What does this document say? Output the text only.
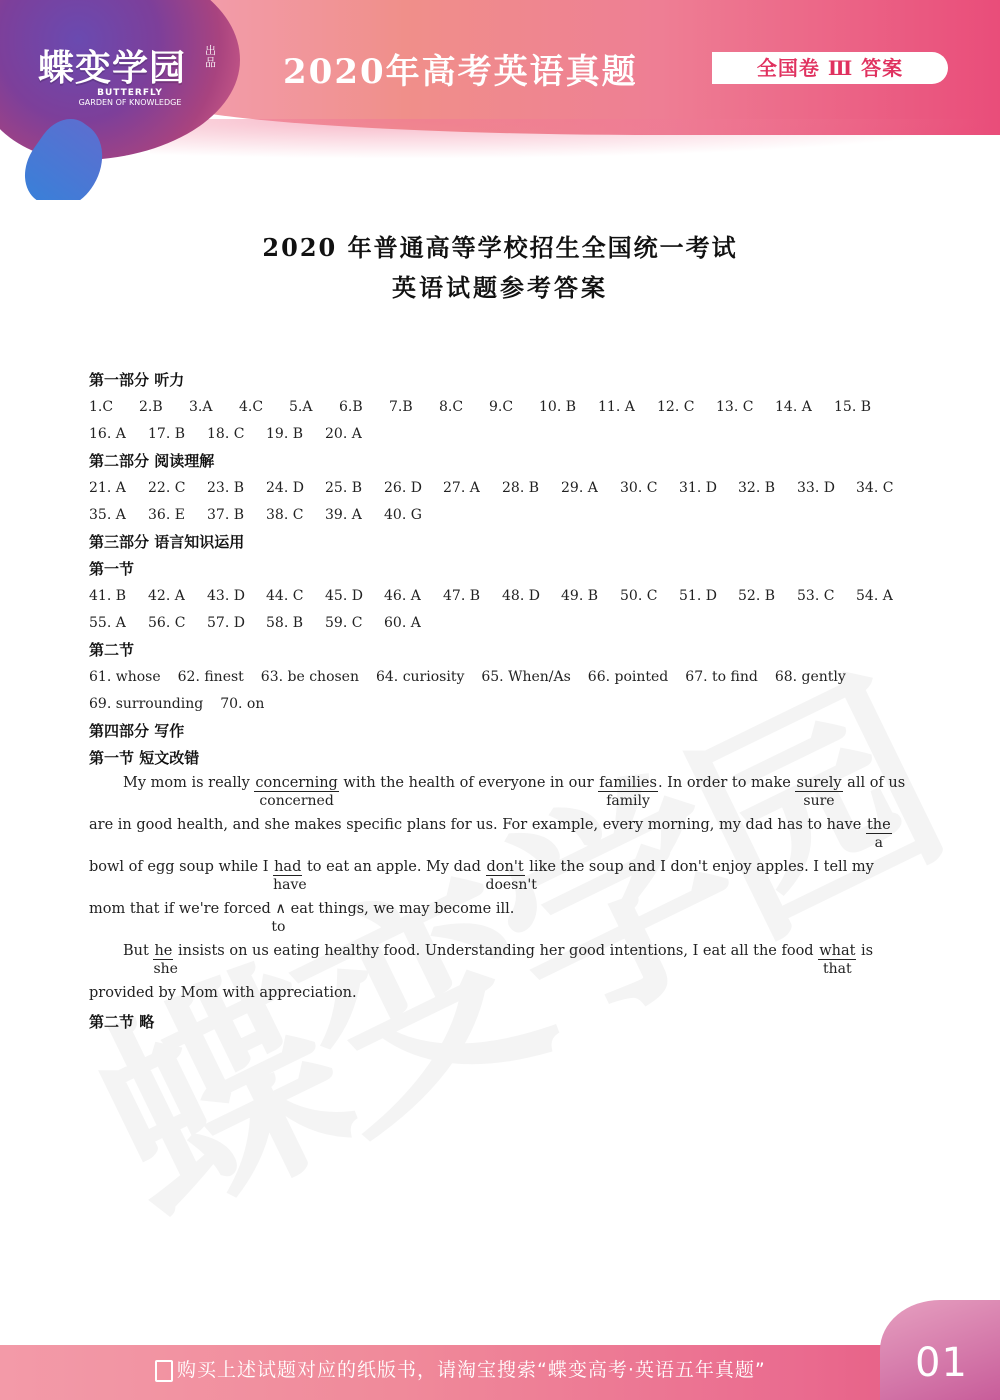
蝶变学园 出品
BUTTERFLY
GARDEN OF KNOWLEDGE
2020年高考英语真题	全国卷 Ⅲ 答案
2020 年普通高等学校招生全国统一考试
英语试题参考答案
第一部分 听力
1.C	2.B	3.A	4.C	5.A	6.B	7.B	8.C	9.C	10. B	11. A	12. C	13. C	14. A	15. B
16. A	17. B	18. C	19. B	20. A
第二部分 阅读理解
21. A	22. C	23. B	24. D	25. B	26. D	27. A	28. B	29. A	30. C	31. D	32. B	33. D	34. C
35. A	36. E	37. B	38. C	39. A	40. G
第三部分 语言知识运用
第一节
41. B	42. A	43. D	44. C	45. D	46. A	47. B	48. D	49. B	50. C	51. D	52. B	53. C	54. A
55. A	56. C	57. D	58. B	59. C	60. A
第二节
61. whose 62. finest 63. be chosen 64. curiosity 65. When/As 66. pointed 67. to find 68. gently
69. surrounding 70. on
第四部分 写作
第一节 短文改错
My mom is really concerning
concerned
with the health of everyone in our families
family
. In order to make surely
sure
all of us
are in good health, and she makes specific plans for us. For example, every morning, my dad has to have the
a
bowl of egg soup while I had
have
to eat an apple. My dad don't
doesn't
like the soup and I don't enjoy apples. I tell my
mom that if we're forced ∧
to
eat things, we may become ill.
But he
she
insists on us eating healthy food. Understanding her good intentions, I eat all the food what
that
is
provided by Mom with appreciation.
第二节 略
购买上述试题对应的纸版书，请淘宝搜索“蝶变高考·英语五年真题”	01
